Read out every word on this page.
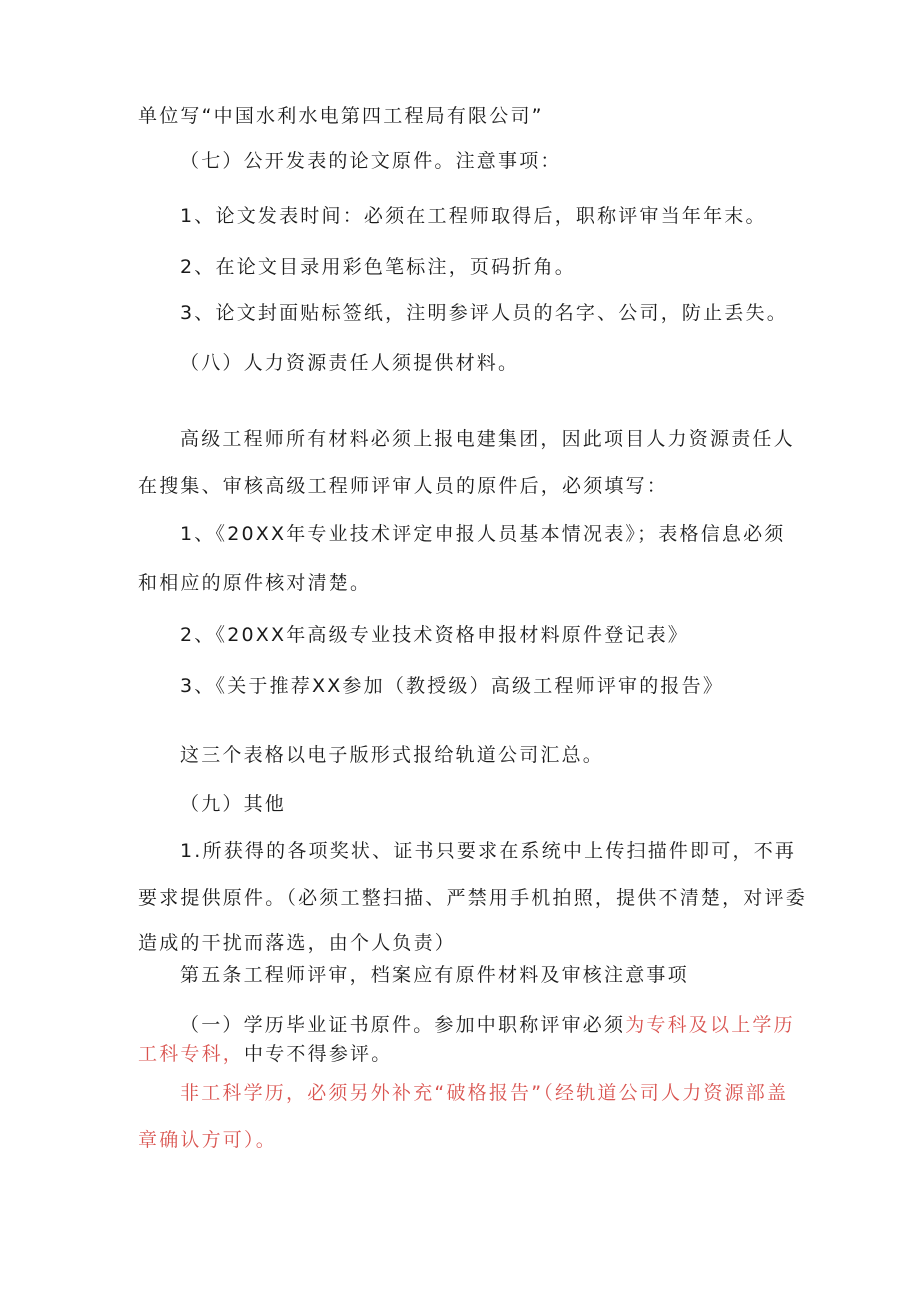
单位写“中国水利水电第四工程局有限公司”
（七）公开发表的论文原件。注意事项：
1、论文发表时间：必须在工程师取得后，职称评审当年年末。
2、在论文目录用彩色笔标注，页码折角。
3、论文封面贴标签纸，注明参评人员的名字、公司，防止丢失。
（八）人力资源责任人须提供材料。
高级工程师所有材料必须上报电建集团，因此项目人力资源责任人
在搜集、审核高级工程师评审人员的原件后，必须填写：
1、《20XX年专业技术评定申报人员基本情况表》；表格信息必须
和相应的原件核对清楚。
2、《20XX年高级专业技术资格申报材料原件登记表》
3、《关于推荐XX参加（教授级）高级工程师评审的报告》
这三个表格以电子版形式报给轨道公司汇总。
（九）其他
1.所获得的各项奖状、证书只要求在系统中上传扫描件即可，不再
要求提供原件。（必须工整扫描、严禁用手机拍照，提供不清楚，对评委
造成的干扰而落选，由个人负责）
第五条工程师评审，档案应有原件材料及审核注意事项
（一）学历毕业证书原件。参加中职称评审必须为专科及以上学历
工科专科，中专不得参评。
非工科学历，必须另外补充“破格报告”（经轨道公司人力资源部盖
章确认方可）。
